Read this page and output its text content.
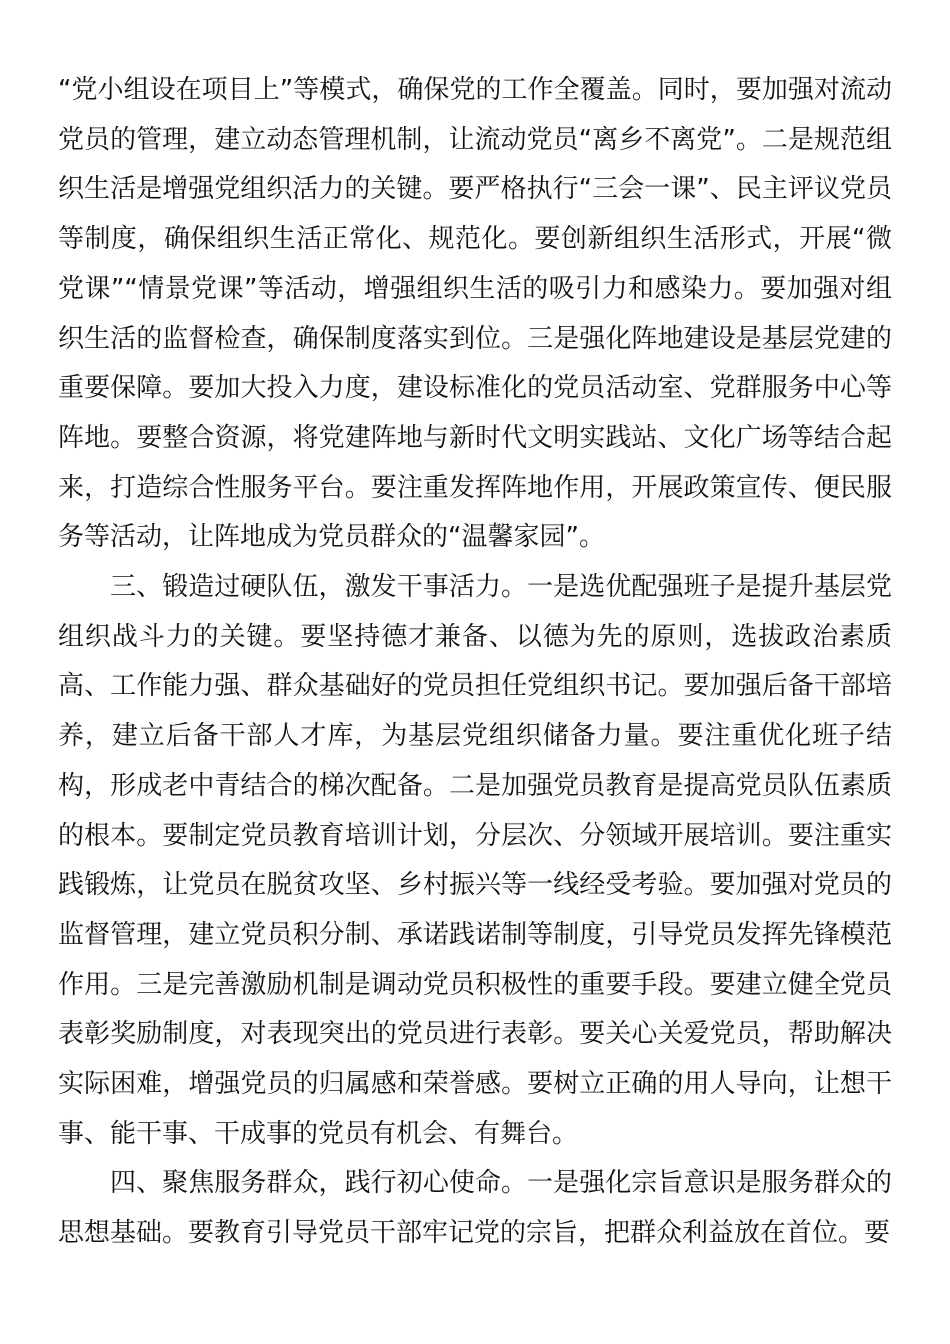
“党小组设在项目上”等模式，确保党的工作全覆盖。同时，要加强对流动党员的管理，建立动态管理机制，让流动党员“离乡不离党”。二是规范组织生活是增强党组织活力的关键。要严格执行“三会一课”、民主评议党员等制度，确保组织生活正常化、规范化。要创新组织生活形式，开展“微党课”“情景党课”等活动，增强组织生活的吸引力和感染力。要加强对组织生活的监督检查，确保制度落实到位。三是强化阵地建设是基层党建的重要保障。要加大投入力度，建设标准化的党员活动室、党群服务中心等阵地。要整合资源，将党建阵地与新时代文明实践站、文化广场等结合起来，打造综合性服务平台。要注重发挥阵地作用，开展政策宣传、便民服务等活动，让阵地成为党员群众的“温馨家园”。

三、锻造过硬队伍，激发干事活力。一是选优配强班子是提升基层党组织战斗力的关键。要坚持德才兼备、以德为先的原则，选拔政治素质高、工作能力强、群众基础好的党员担任党组织书记。要加强后备干部培养，建立后备干部人才库，为基层党组织储备力量。要注重优化班子结构，形成老中青结合的梯次配备。二是加强党员教育是提高党员队伍素质的根本。要制定党员教育培训计划，分层次、分领域开展培训。要注重实践锻炼，让党员在脱贫攻坚、乡村振兴等一线经受考验。要加强对党员的监督管理，建立党员积分制、承诺践诺制等制度，引导党员发挥先锋模范作用。三是完善激励机制是调动党员积极性的重要手段。要建立健全党员表彰奖励制度，对表现突出的党员进行表彰。要关心关爱党员，帮助解决实际困难，增强党员的归属感和荣誉感。要树立正确的用人导向，让想干事、能干事、干成事的党员有机会、有舞台。

四、聚焦服务群众，践行初心使命。一是强化宗旨意识是服务群众的思想基础。要教育引导党员干部牢记党的宗旨，把群众利益放在首位。要
